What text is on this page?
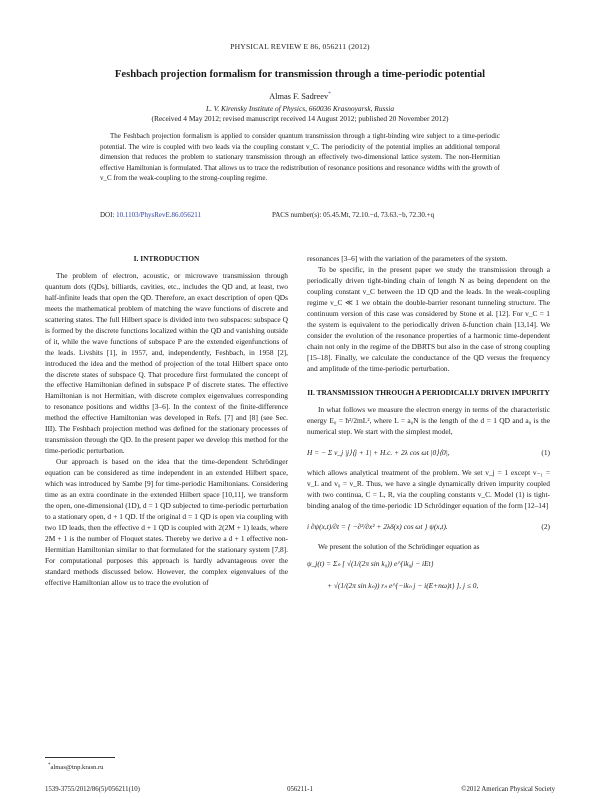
PHYSICAL REVIEW E 86, 056211 (2012)
Feshbach projection formalism for transmission through a time-periodic potential
Almas F. Sadreev*
L. V. Kirensky Institute of Physics, 660036 Krasnoyarsk, Russia
(Received 4 May 2012; revised manuscript received 14 August 2012; published 20 November 2012)

The Feshbach projection formalism is applied to consider quantum transmission through a tight-binding wire subject to a time-periodic potential. The wire is coupled with two leads via the coupling constant v_C. The periodicity of the potential implies an additional temporal dimension that reduces the problem to stationary transmission through an effectively two-dimensional lattice system. The non-Hermitian effective Hamiltonian is formulated. That allows us to trace the redistribution of resonance positions and resonance widths with the growth of v_C from the weak-coupling to the strong-coupling regime.

DOI: 10.1103/PhysRevE.86.056211	PACS number(s): 05.45.Mt, 72.10.−d, 73.63.−b, 72.30.+q
I. INTRODUCTION

The problem of electron, acoustic, or microwave transmission through quantum dots (QDs), billiards, cavities, etc., includes the QD and, at least, two half-infinite leads that open the QD. Therefore, an exact description of open QDs meets the mathematical problem of matching the wave functions of discrete and scattering states. The full Hilbert space is divided into two subspaces: subspace Q is formed by the discrete functions localized within the QD and vanishing outside of it, while the wave functions of subspace P are the extended eigenfunctions of the leads. Livshits [1], in 1957, and, independently, Feshbach, in 1958 [2], introduced the idea and the method of projection of the total Hilbert space onto the discrete states of subspace Q. That procedure first formulated the concept of the effective Hamiltonian defined in subspace P of discrete states. The effective Hamiltonian is not Hermitian, with discrete complex eigenvalues corresponding to resonance positions and widths [3–6]. In the context of the finite-difference method the effective Hamiltonian was developed in Refs. [7] and [8] (see Sec. III). The Feshbach projection method was defined for the stationary processes of transmission through the QD. In the present paper we develop this method for the time-periodic perturbation.

Our approach is based on the idea that the time-dependent Schrödinger equation can be considered as time independent in an extended Hilbert space, which was introduced by Sambe [9] for time-periodic Hamiltonians. Considering time as an extra coordinate in the extended Hilbert space [10,11], we transform the open, one-dimensional (1D), d = 1 QD subjected to time-periodic perturbation to a stationary open, d + 1 QD. If the original d = 1 QD is open via coupling with two 1D leads, then the effective d + 1 QD is coupled with 2(2M + 1) leads, where 2M + 1 is the number of Floquet states. Thereby we derive a d + 1 effective non-Hermitian Hamiltonian similar to that formulated for the stationary system [7,8]. For computational purposes this approach is hardly advantageous over the standard methods discussed below. However, the complex eigenvalues of the effective Hamiltonian allow us to trace the evolution of

resonances [3–6] with the variation of the parameters of the system.

To be specific, in the present paper we study the transmission through a periodically driven tight-binding chain of length N as being dependent on the coupling constant v_C between the 1D QD and the leads. In the weak-coupling regime v_C ≪ 1 we obtain the double-barrier resonant tunneling structure. The continuum version of this case was considered by Stone et al. [12]. For v_C = 1 the system is equivalent to the periodically driven δ-function chain [13,14]. We consider the evolution of the resonance properties of a harmonic time-dependent chain not only in the regime of the DBRTS but also in the case of strong coupling [15–18]. Finally, we calculate the conductance of the QD versus the frequency and amplitude of the time-periodic perturbation.

II. TRANSMISSION THROUGH A PERIODICALLY DRIVEN IMPURITY

In what follows we measure the electron energy in terms of the characteristic energy E₀ = ħ²/2mL², where L = a₀N is the length of the d = 1 QD and a₀ is the numerical step. We start with the simplest model,

H = − Σ v_j |j⟩⟨j + 1| + H.c. + 2λ cos ωt |0⟩⟨0|,	(1)

which allows analytical treatment of the problem. We set v_j = 1 except v₋₁ = v_L and v₀ = v_R. Thus, we have a single dynamically driven impurity coupled with two continua, C = L, R, via the coupling constants v_C. Model (1) is tight-binding analog of the time-periodic 1D Schrödinger equation of the form [12–14]

i ∂ψ(x,t)/∂t = { −∂²/∂x² + 2λδ(x) cos ωt } ψ(x,t).	(2)

We present the solution of the Schrödinger equation as

ψ_j(t) = Σₙ [ √(1/(2π sin k₀)) e^{ik₀j − iEt}
+ √(1/(2π sin kₙ)) rₙ e^{−ikₙ j − i(E+nω)t} ], j ≤ 0,
*almas@tnp.krasn.ru
1539-3755/2012/86(5)/056211(10)	056211-1	©2012 American Physical Society
